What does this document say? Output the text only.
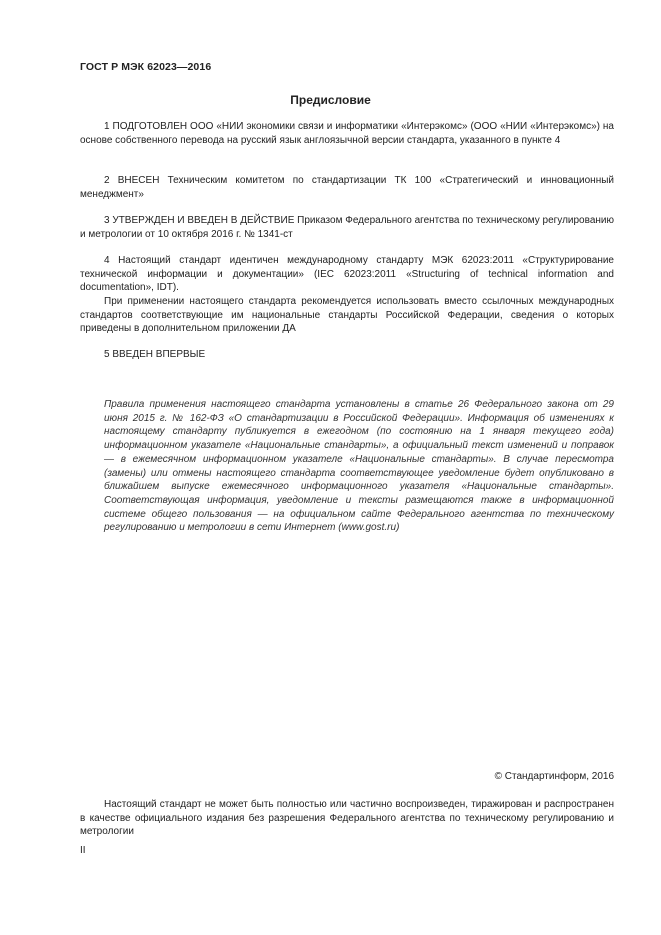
ГОСТ Р МЭК 62023—2016
Предисловие

1 ПОДГОТОВЛЕН ООО «НИИ экономики связи и информатики «Интерэкомс» (ООО «НИИ «Интерэкомс») на основе собственного перевода на русский язык англоязычной версии стандарта, указанного в пункте 4

2 ВНЕСЕН Техническим комитетом по стандартизации ТК 100 «Стратегический и инновационный менеджмент»

3 УТВЕРЖДЕН И ВВЕДЕН В ДЕЙСТВИЕ Приказом Федерального агентства по техническому регулированию и метрологии от 10 октября 2016 г. № 1341-ст

4 Настоящий стандарт идентичен международному стандарту МЭК 62023:2011 «Структурирование технической информации и документации» (IEC 62023:2011 «Structuring of technical information and documentation», IDT).

При применении настоящего стандарта рекомендуется использовать вместо ссылочных международных стандартов соответствующие им национальные стандарты Российской Федерации, сведения о которых приведены в дополнительном приложении ДА

5 ВВЕДЕН ВПЕРВЫЕ

Правила применения настоящего стандарта установлены в статье 26 Федерального закона от 29 июня 2015 г. № 162-ФЗ «О стандартизации в Российской Федерации». Информация об изменениях к настоящему стандарту публикуется в ежегодном (по состоянию на 1 января текущего года) информационном указателе «Национальные стандарты», а официальный текст изменений и поправок — в ежемесячном информационном указателе «Национальные стандарты». В случае пересмотра (замены) или отмены настоящего стандарта соответствующее уведомление будет опубликовано в ближайшем выпуске ежемесячного информационного указателя «Национальные стандарты». Соответствующая информация, уведомление и тексты размещаются также в информационной системе общего пользования — на официальном сайте Федерального агентства по техническому регулированию и метрологии в сети Интернет (www.gost.ru)

© Стандартинформ, 2016

Настоящий стандарт не может быть полностью или частично воспроизведен, тиражирован и распространен в качестве официального издания без разрешения Федерального агентства по техническому регулированию и метрологии

II
